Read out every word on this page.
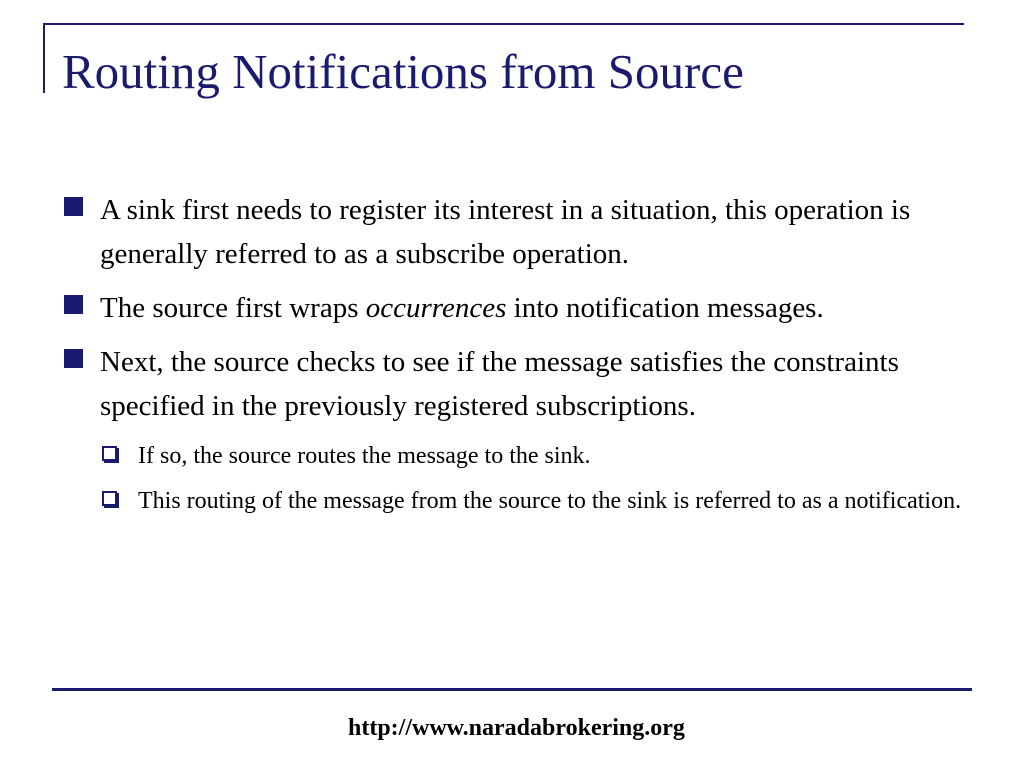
Routing Notifications from Source
A sink first needs to register its interest in a situation, this operation is generally referred to as a subscribe operation.
The source first wraps occurrences into notification messages.
Next, the source checks to see if the message satisfies the constraints specified in the previously registered subscriptions.
If so, the source routes the message to the sink.
This routing of the message from the source to the sink is referred to as a notification.
http://www.naradabrokering.org
